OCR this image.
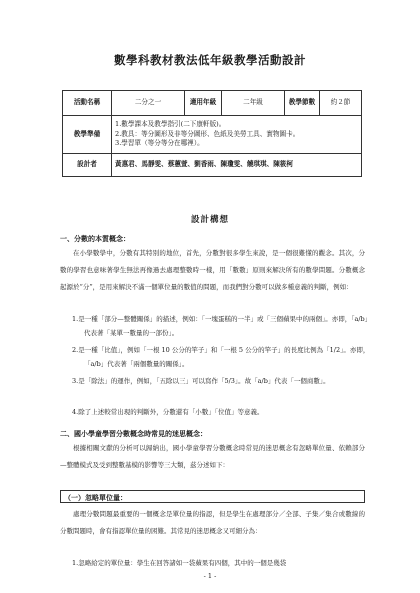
數學科教材教法低年級教學活動設計
活動名稱	二分之一	適用年級	二年級	教學節數	約２節
教學準備	1.數學課本及教學指引(二下康軒版)。
2.教具：等分圖形及非等分圖形、色紙及美勞工具、實物圖卡。
3.學習單（等分等分在哪裡）。				

設計者	黃惠君、馬靜雯、蔡蕙萱、劉香雨、陳瓊雯、饒琪琪、陳筱柯				
設計構想
一、分數的本質概念：

在小學數學中，分數有其特別的地位，首先，分數對很多學生來說，是一個很難懂的觀念。其次，分數的學習也意味著學生無法再像過去處理整數時一樣，用「數數」原則來解決所有的數學問題。分數概念起源於“分”，是用來解決不滿一個單位量的數值的問題，而我們對分數可以做多種意義的判斷，例如：

1.是一種「部分—整體關係」的描述，例如：「一塊蛋糕的一半」或「三個蘋果中的兩個」。亦即，「a/b」代表著「某單一數量的一部份」。

2.是一種「比值」，例如「一根 10 公分的竿子」和「一根 5 公分的竿子」的長度比例為「1/2」。亦即，「a/b」代表著「兩個數量的關係」。

3.是「除法」的運作，例如，「五除以三」可以寫作「5/3」。故「a/b」代表「一個商數」。

4.除了上述較常出現的判斷外，分數還有「小數」「位值」等意義。

二、國小學童學習分數概念時常見的迷思概念：

根據相關文獻的分析可以歸納出，國小學童學習分數概念時常見的迷思概念有忽略單位量、依賴部分—整體模式及受到整數基模的影響等三大類，茲分述如下：

（一）忽略單位量：

處理分數問題最重要的一個概念是單位量的指認，但是學生在處理部分／全部、子集／集合或數線的分數問題時，會有指認單位量的困難。其常見的迷思概念又可細分為：

1.忽略給定的單位量：學生在回答諸如一袋蘋果有四個，其中的一個是幾袋

- 1 -
